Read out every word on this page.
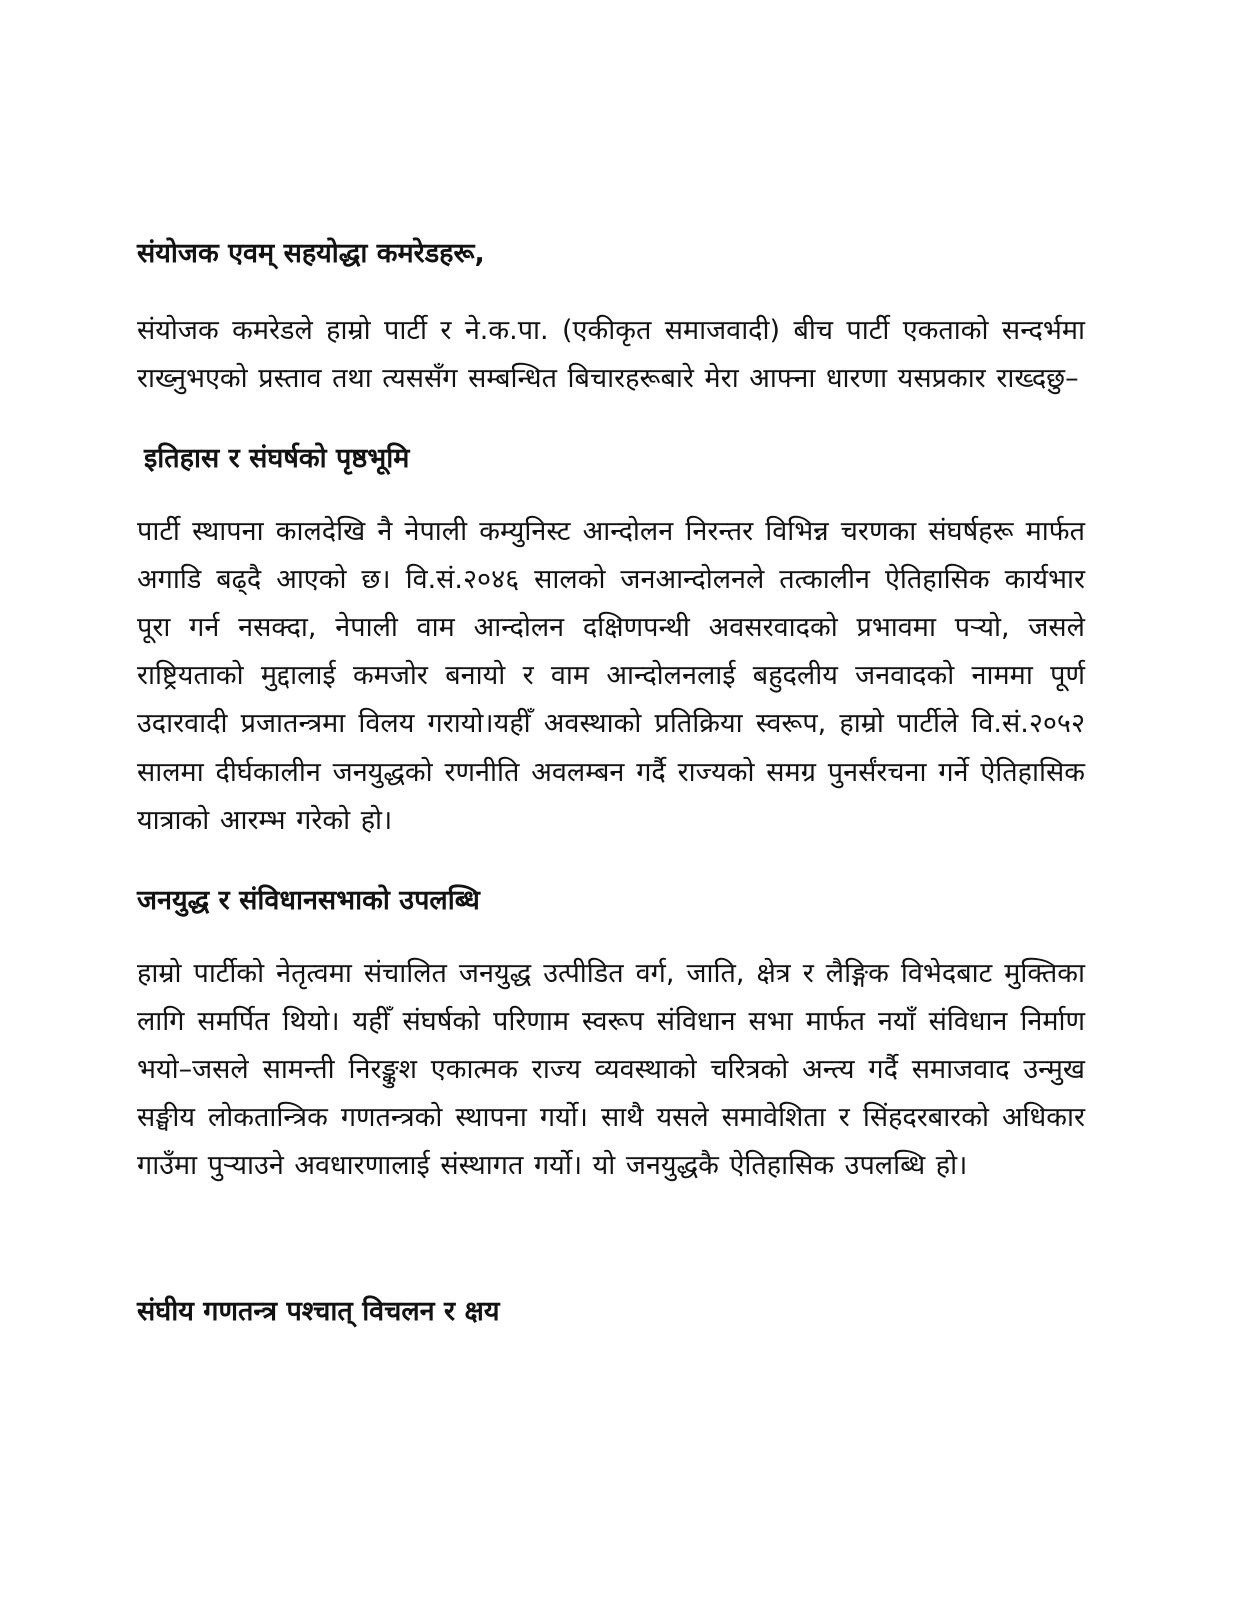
संयोजक एवम् सहयोद्धा कमरेडहरू,

संयोजक कमरेडले हाम्रो पार्टी र ने.क.पा. (एकीकृत समाजवादी) बीच पार्टी एकताको सन्दर्भमा राख्नुभएको प्रस्ताव तथा त्यससँग सम्बन्धित बिचारहरूबारे मेरा आफ्ना धारणा यसप्रकार राख्दछु–

इतिहास र संघर्षको पृष्ठभूमि

पार्टी स्थापना कालदेखि नै नेपाली कम्युनिस्ट आन्दोलन निरन्तर विभिन्न चरणका संघर्षहरू मार्फत अगाडि बढ्दै आएको छ। वि.सं.२०४६ सालको जनआन्दोलनले तत्कालीन ऐतिहासिक कार्यभार पूरा गर्न नसक्दा, नेपाली वाम आन्दोलन दक्षिणपन्थी अवसरवादको प्रभावमा पऱ्यो, जसले राष्ट्रियताको मुद्दालाई कमजोर बनायो र वाम आन्दोलनलाई बहुदलीय जनवादको नाममा पूर्ण उदारवादी प्रजातन्त्रमा विलय गरायो।यहीँ अवस्थाको प्रतिक्रिया स्वरूप, हाम्रो पार्टीले वि.सं.२०५२ सालमा दीर्घकालीन जनयुद्धको रणनीति अवलम्बन गर्दै राज्यको समग्र पुनर्संरचना गर्ने ऐतिहासिक यात्राको आरम्भ गरेको हो।

जनयुद्ध र संविधानसभाको उपलब्धि

हाम्रो पार्टीको नेतृत्वमा संचालित जनयुद्ध उत्पीडित वर्ग, जाति, क्षेत्र र लैङ्गिक विभेदबाट मुक्तिका लागि समर्पित थियो। यहीँ संघर्षको परिणाम स्वरूप संविधान सभा मार्फत नयाँ संविधान निर्माण भयो–जसले सामन्ती निरङ्कुश एकात्मक राज्य व्यवस्थाको चरित्रको अन्त्य गर्दै समाजवाद उन्मुख सङ्घीय लोकतान्त्रिक गणतन्त्रको स्थापना गर्यो। साथै यसले समावेशिता र सिंहदरबारको अधिकार गाउँमा पुऱ्याउने अवधारणालाई संस्थागत गर्यो। यो जनयुद्धकै ऐतिहासिक उपलब्धि हो।

संघीय गणतन्त्र पश्चात् विचलन र क्षय
